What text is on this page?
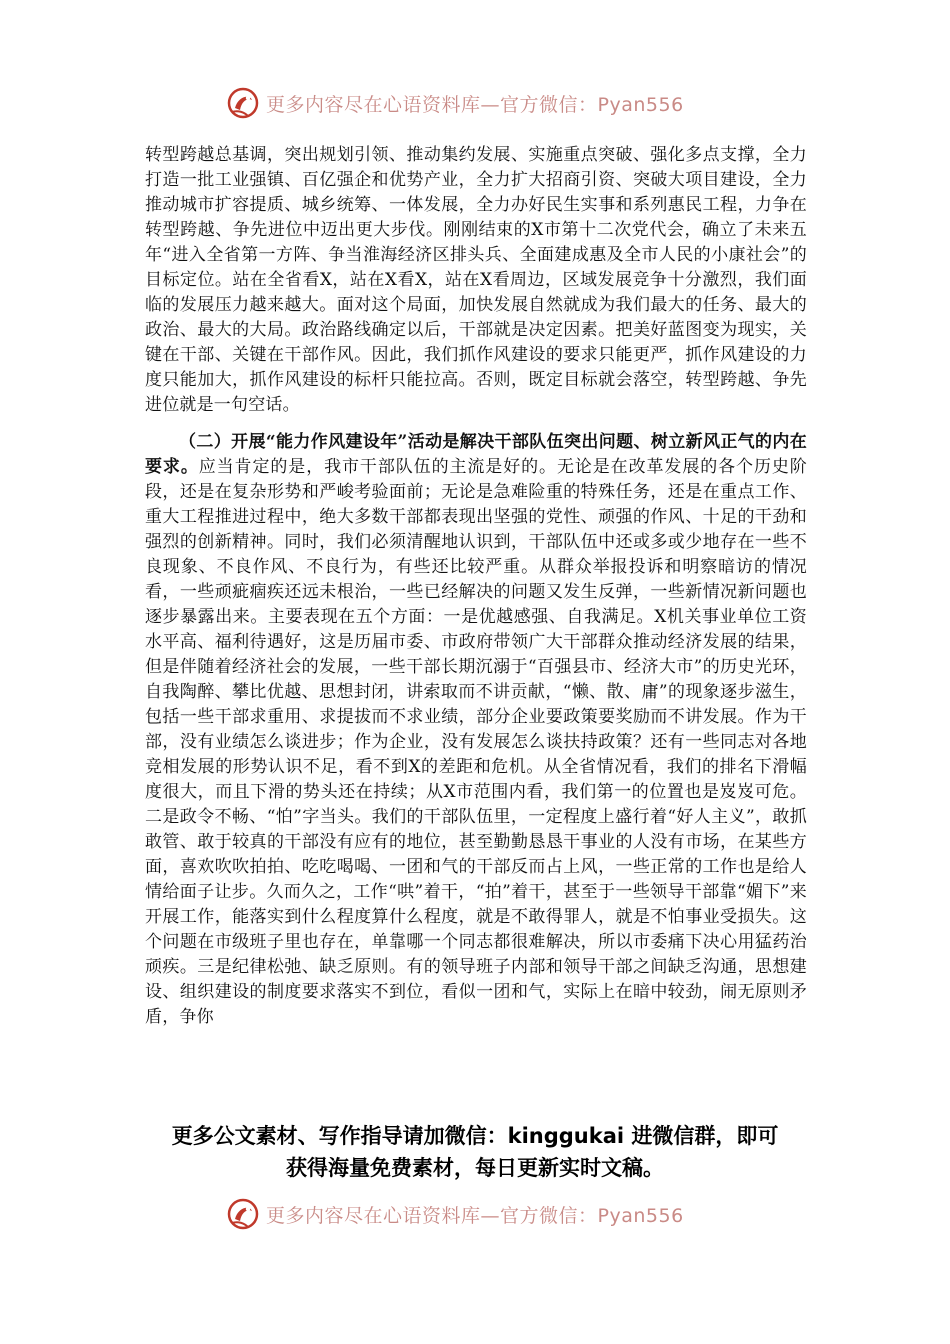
更多内容尽在心语资料库—官方微信：Pyan556

转型跨越总基调，突出规划引领、推动集约发展、实施重点突破、强化多点支撑，全力打造一批工业强镇、百亿强企和优势产业，全力扩大招商引资、突破大项目建设，全力推动城市扩容提质、城乡统筹、一体发展，全力办好民生实事和系列惠民工程，力争在转型跨越、争先进位中迈出更大步伐。刚刚结束的X市第十二次党代会，确立了未来五年“进入全省第一方阵、争当淮海经济区排头兵、全面建成惠及全市人民的小康社会”的目标定位。站在全省看X，站在X看X，站在X看周边，区域发展竞争十分激烈，我们面临的发展压力越来越大。面对这个局面，加快发展自然就成为我们最大的任务、最大的政治、最大的大局。政治路线确定以后，干部就是决定因素。把美好蓝图变为现实，关键在干部、关键在干部作风。因此，我们抓作风建设的要求只能更严，抓作风建设的力度只能加大，抓作风建设的标杆只能拉高。否则，既定目标就会落空，转型跨越、争先进位就是一句空话。

（二）开展“能力作风建设年”活动是解决干部队伍突出问题、树立新风正气的内在要求。应当肯定的是，我市干部队伍的主流是好的。无论是在改革发展的各个历史阶段，还是在复杂形势和严峻考验面前；无论是急难险重的特殊任务，还是在重点工作、重大工程推进过程中，绝大多数干部都表现出坚强的党性、顽强的作风、十足的干劲和强烈的创新精神。同时，我们必须清醒地认识到，干部队伍中还或多或少地存在一些不良现象、不良作风、不良行为，有些还比较严重。从群众举报投诉和明察暗访的情况看，一些顽疵痼疾还远未根治，一些已经解决的问题又发生反弹，一些新情况新问题也逐步暴露出来。主要表现在五个方面：一是优越感强、自我满足。X机关事业单位工资水平高、福利待遇好，这是历届市委、市政府带领广大干部群众推动经济发展的结果，但是伴随着经济社会的发展，一些干部长期沉溺于“百强县市、经济大市”的历史光环，自我陶醉、攀比优越、思想封闭，讲索取而不讲贡献，“懒、散、庸”的现象逐步滋生，包括一些干部求重用、求提拔而不求业绩，部分企业要政策要奖励而不讲发展。作为干部，没有业绩怎么谈进步；作为企业，没有发展怎么谈扶持政策？还有一些同志对各地竞相发展的形势认识不足，看不到X的差距和危机。从全省情况看，我们的排名下滑幅度很大，而且下滑的势头还在持续；从X市范围内看，我们第一的位置也是岌岌可危。二是政令不畅、“怕”字当头。我们的干部队伍里，一定程度上盛行着“好人主义”，敢抓敢管、敢于较真的干部没有应有的地位，甚至勤勤恳恳干事业的人没有市场，在某些方面，喜欢吹吹拍拍、吃吃喝喝、一团和气的干部反而占上风，一些正常的工作也是给人情给面子让步。久而久之，工作“哄”着干，“拍”着干，甚至于一些领导干部靠“媚下”来开展工作，能落实到什么程度算什么程度，就是不敢得罪人，就是不怕事业受损失。这个问题在市级班子里也存在，单靠哪一个同志都很难解决，所以市委痛下决心用猛药治顽疾。三是纪律松弛、缺乏原则。有的领导班子内部和领导干部之间缺乏沟通，思想建设、组织建设的制度要求落实不到位，看似一团和气，实际上在暗中较劲，闹无原则矛盾，争你

更多公文素材、写作指导请加微信：kinggukai 进微信群，即可
获得海量免费素材，每日更新实时文稿。
更多内容尽在心语资料库—官方微信：Pyan556
